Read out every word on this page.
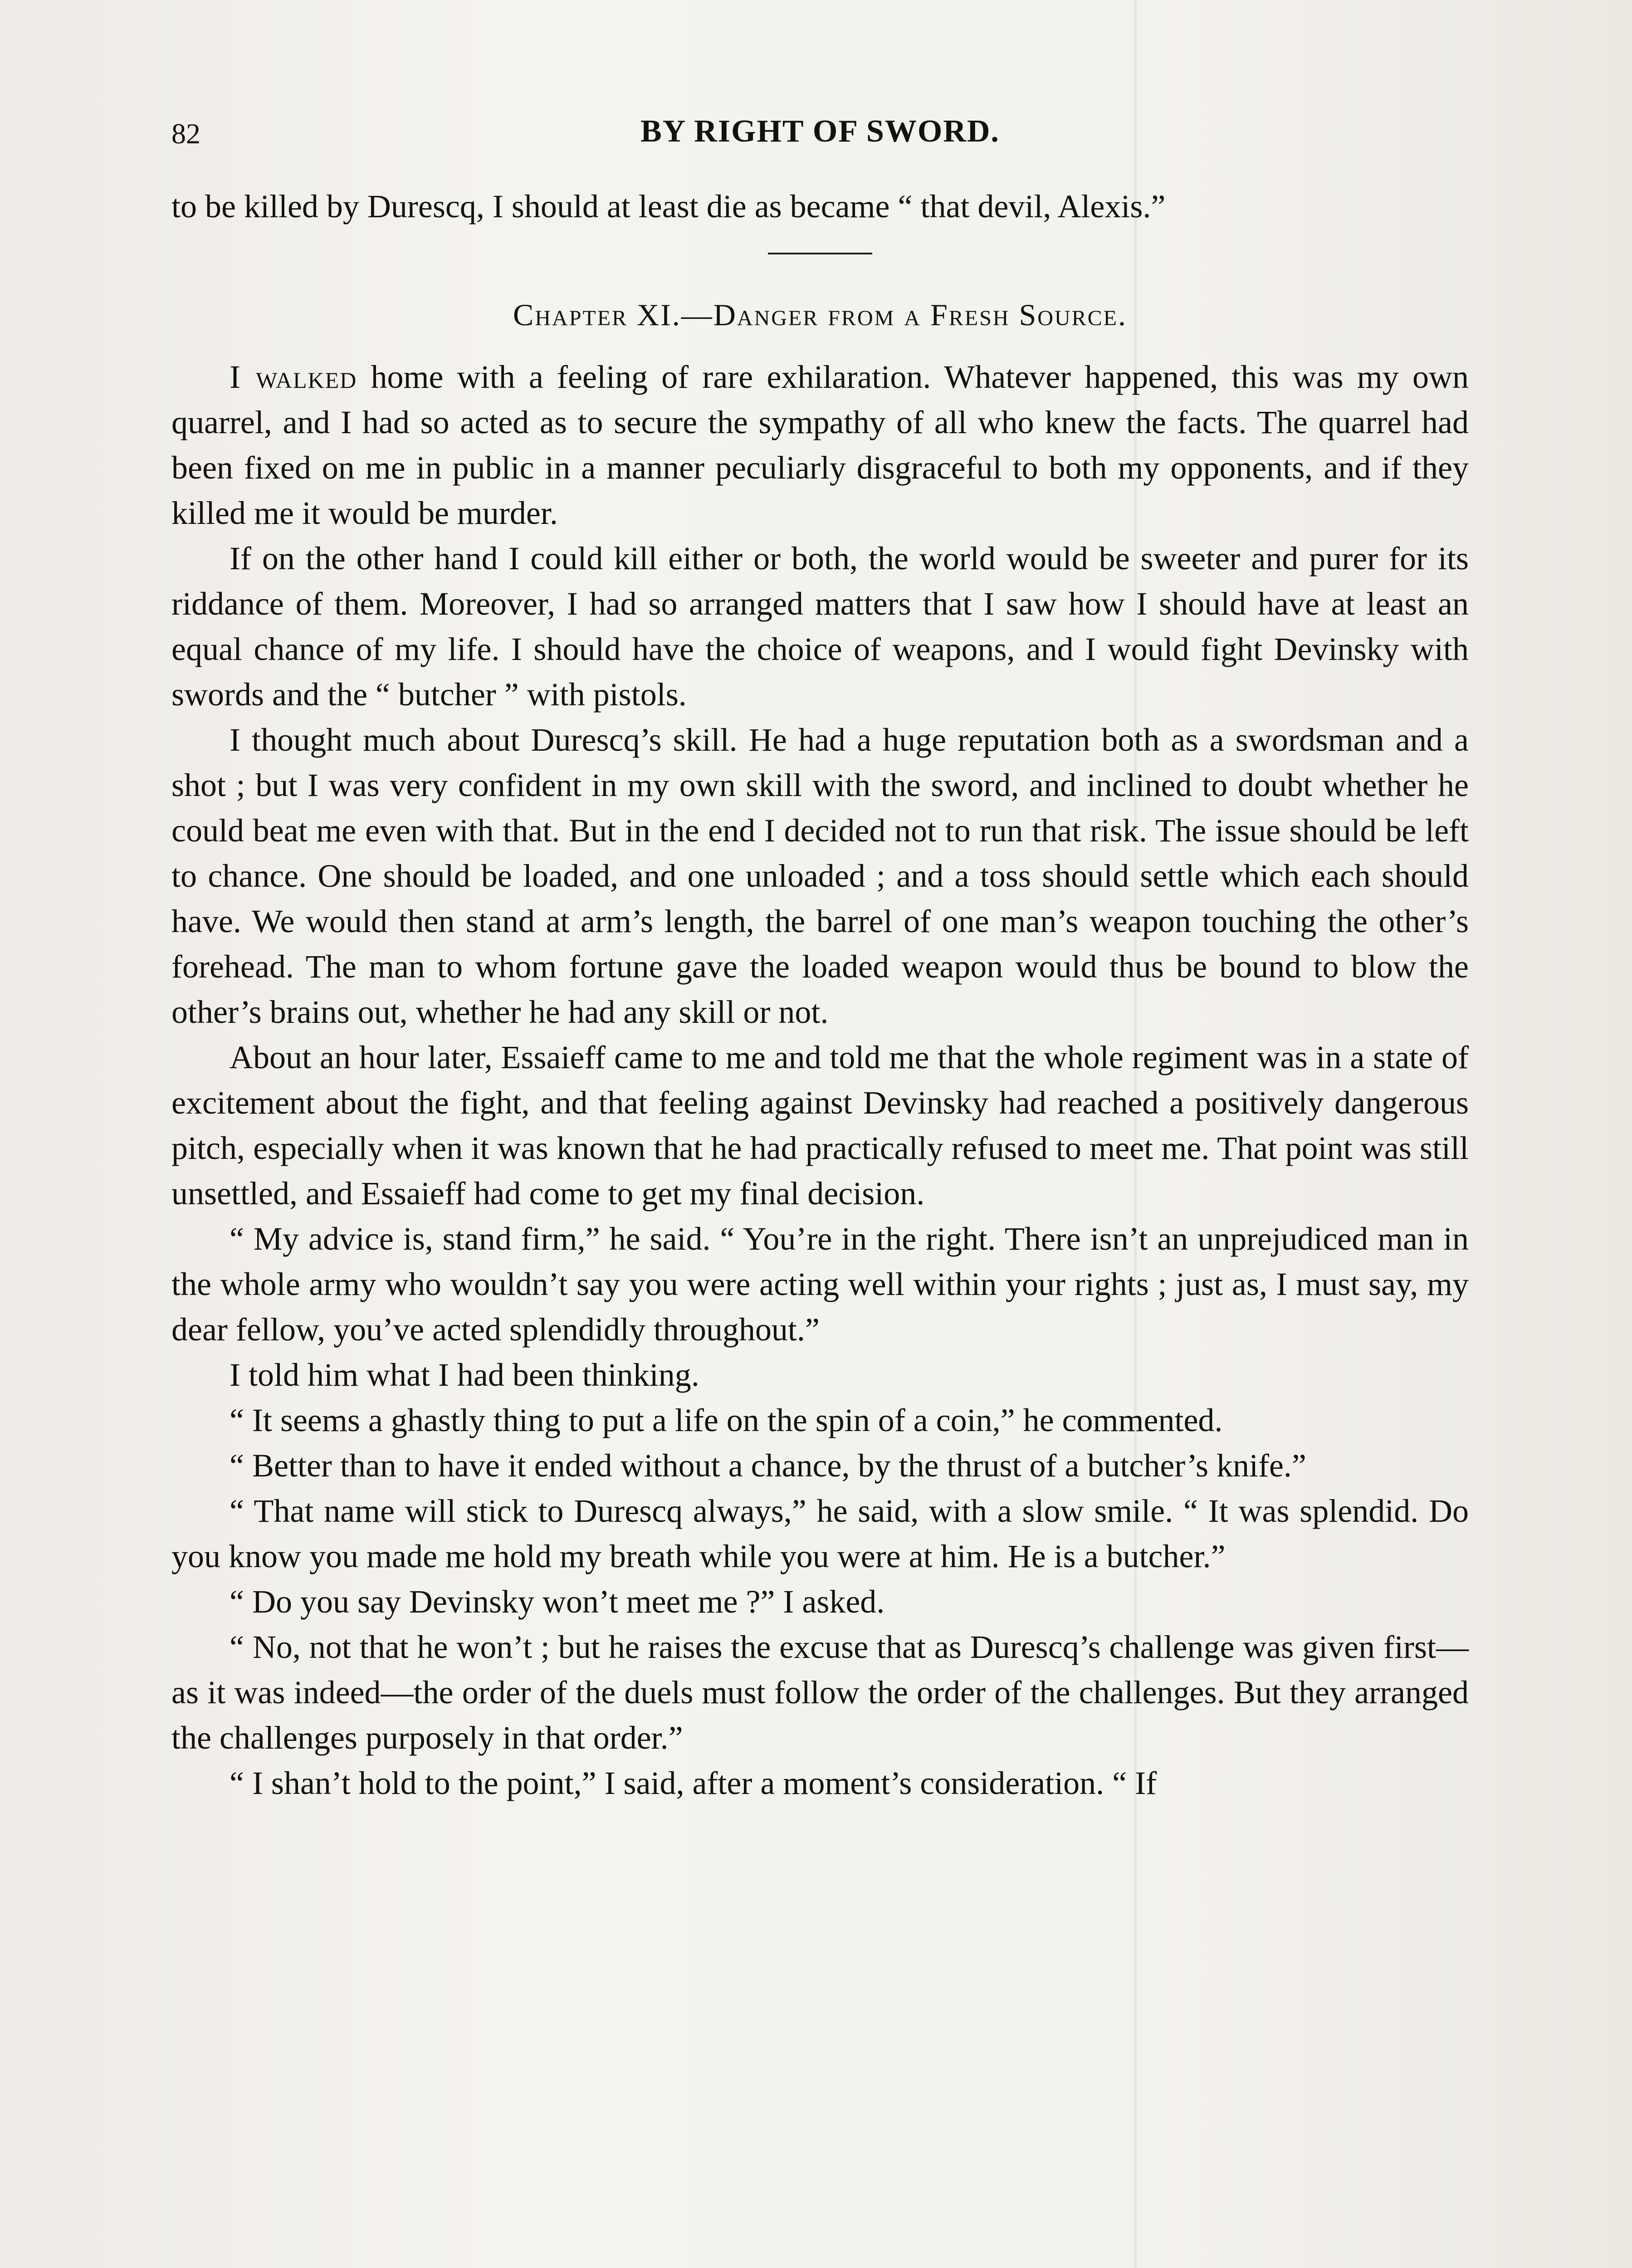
82	BY RIGHT OF SWORD.

to be killed by Durescq, I should at least die as became “ that devil, Alexis.”

Chapter XI.—Danger from a Fresh Source.

I walked home with a feeling of rare exhilaration. Whatever happened, this was my own quarrel, and I had so acted as to secure the sympathy of all who knew the facts. The quarrel had been fixed on me in public in a manner peculiarly disgraceful to both my opponents, and if they killed me it would be murder.

If on the other hand I could kill either or both, the world would be sweeter and purer for its riddance of them. Moreover, I had so arranged matters that I saw how I should have at least an equal chance of my life. I should have the choice of weapons, and I would fight Devinsky with swords and the “ butcher ” with pistols.

I thought much about Durescq’s skill. He had a huge reputation both as a swordsman and a shot ; but I was very confident in my own skill with the sword, and inclined to doubt whether he could beat me even with that. But in the end I decided not to run that risk. The issue should be left to chance. One should be loaded, and one unloaded ; and a toss should settle which each should have. We would then stand at arm’s length, the barrel of one man’s weapon touching the other’s forehead. The man to whom fortune gave the loaded weapon would thus be bound to blow the other’s brains out, whether he had any skill or not.

About an hour later, Essaieff came to me and told me that the whole regiment was in a state of excitement about the fight, and that feeling against Devinsky had reached a positively dangerous pitch, especially when it was known that he had practically refused to meet me. That point was still unsettled, and Essaieff had come to get my final decision.

“ My advice is, stand firm,” he said. “ You’re in the right. There isn’t an unprejudiced man in the whole army who wouldn’t say you were acting well within your rights ; just as, I must say, my dear fellow, you’ve acted splendidly throughout.”

I told him what I had been thinking.

“ It seems a ghastly thing to put a life on the spin of a coin,” he commented.

“ Better than to have it ended without a chance, by the thrust of a butcher’s knife.”

“ That name will stick to Durescq always,” he said, with a slow smile. “ It was splendid. Do you know you made me hold my breath while you were at him. He is a butcher.”

“ Do you say Devinsky won’t meet me ?” I asked.

“ No, not that he won’t ; but he raises the excuse that as Durescq’s challenge was given first—as it was indeed—the order of the duels must follow the order of the challenges. But they arranged the challenges purposely in that order.”

“ I shan’t hold to the point,” I said, after a moment’s consideration. “ If
